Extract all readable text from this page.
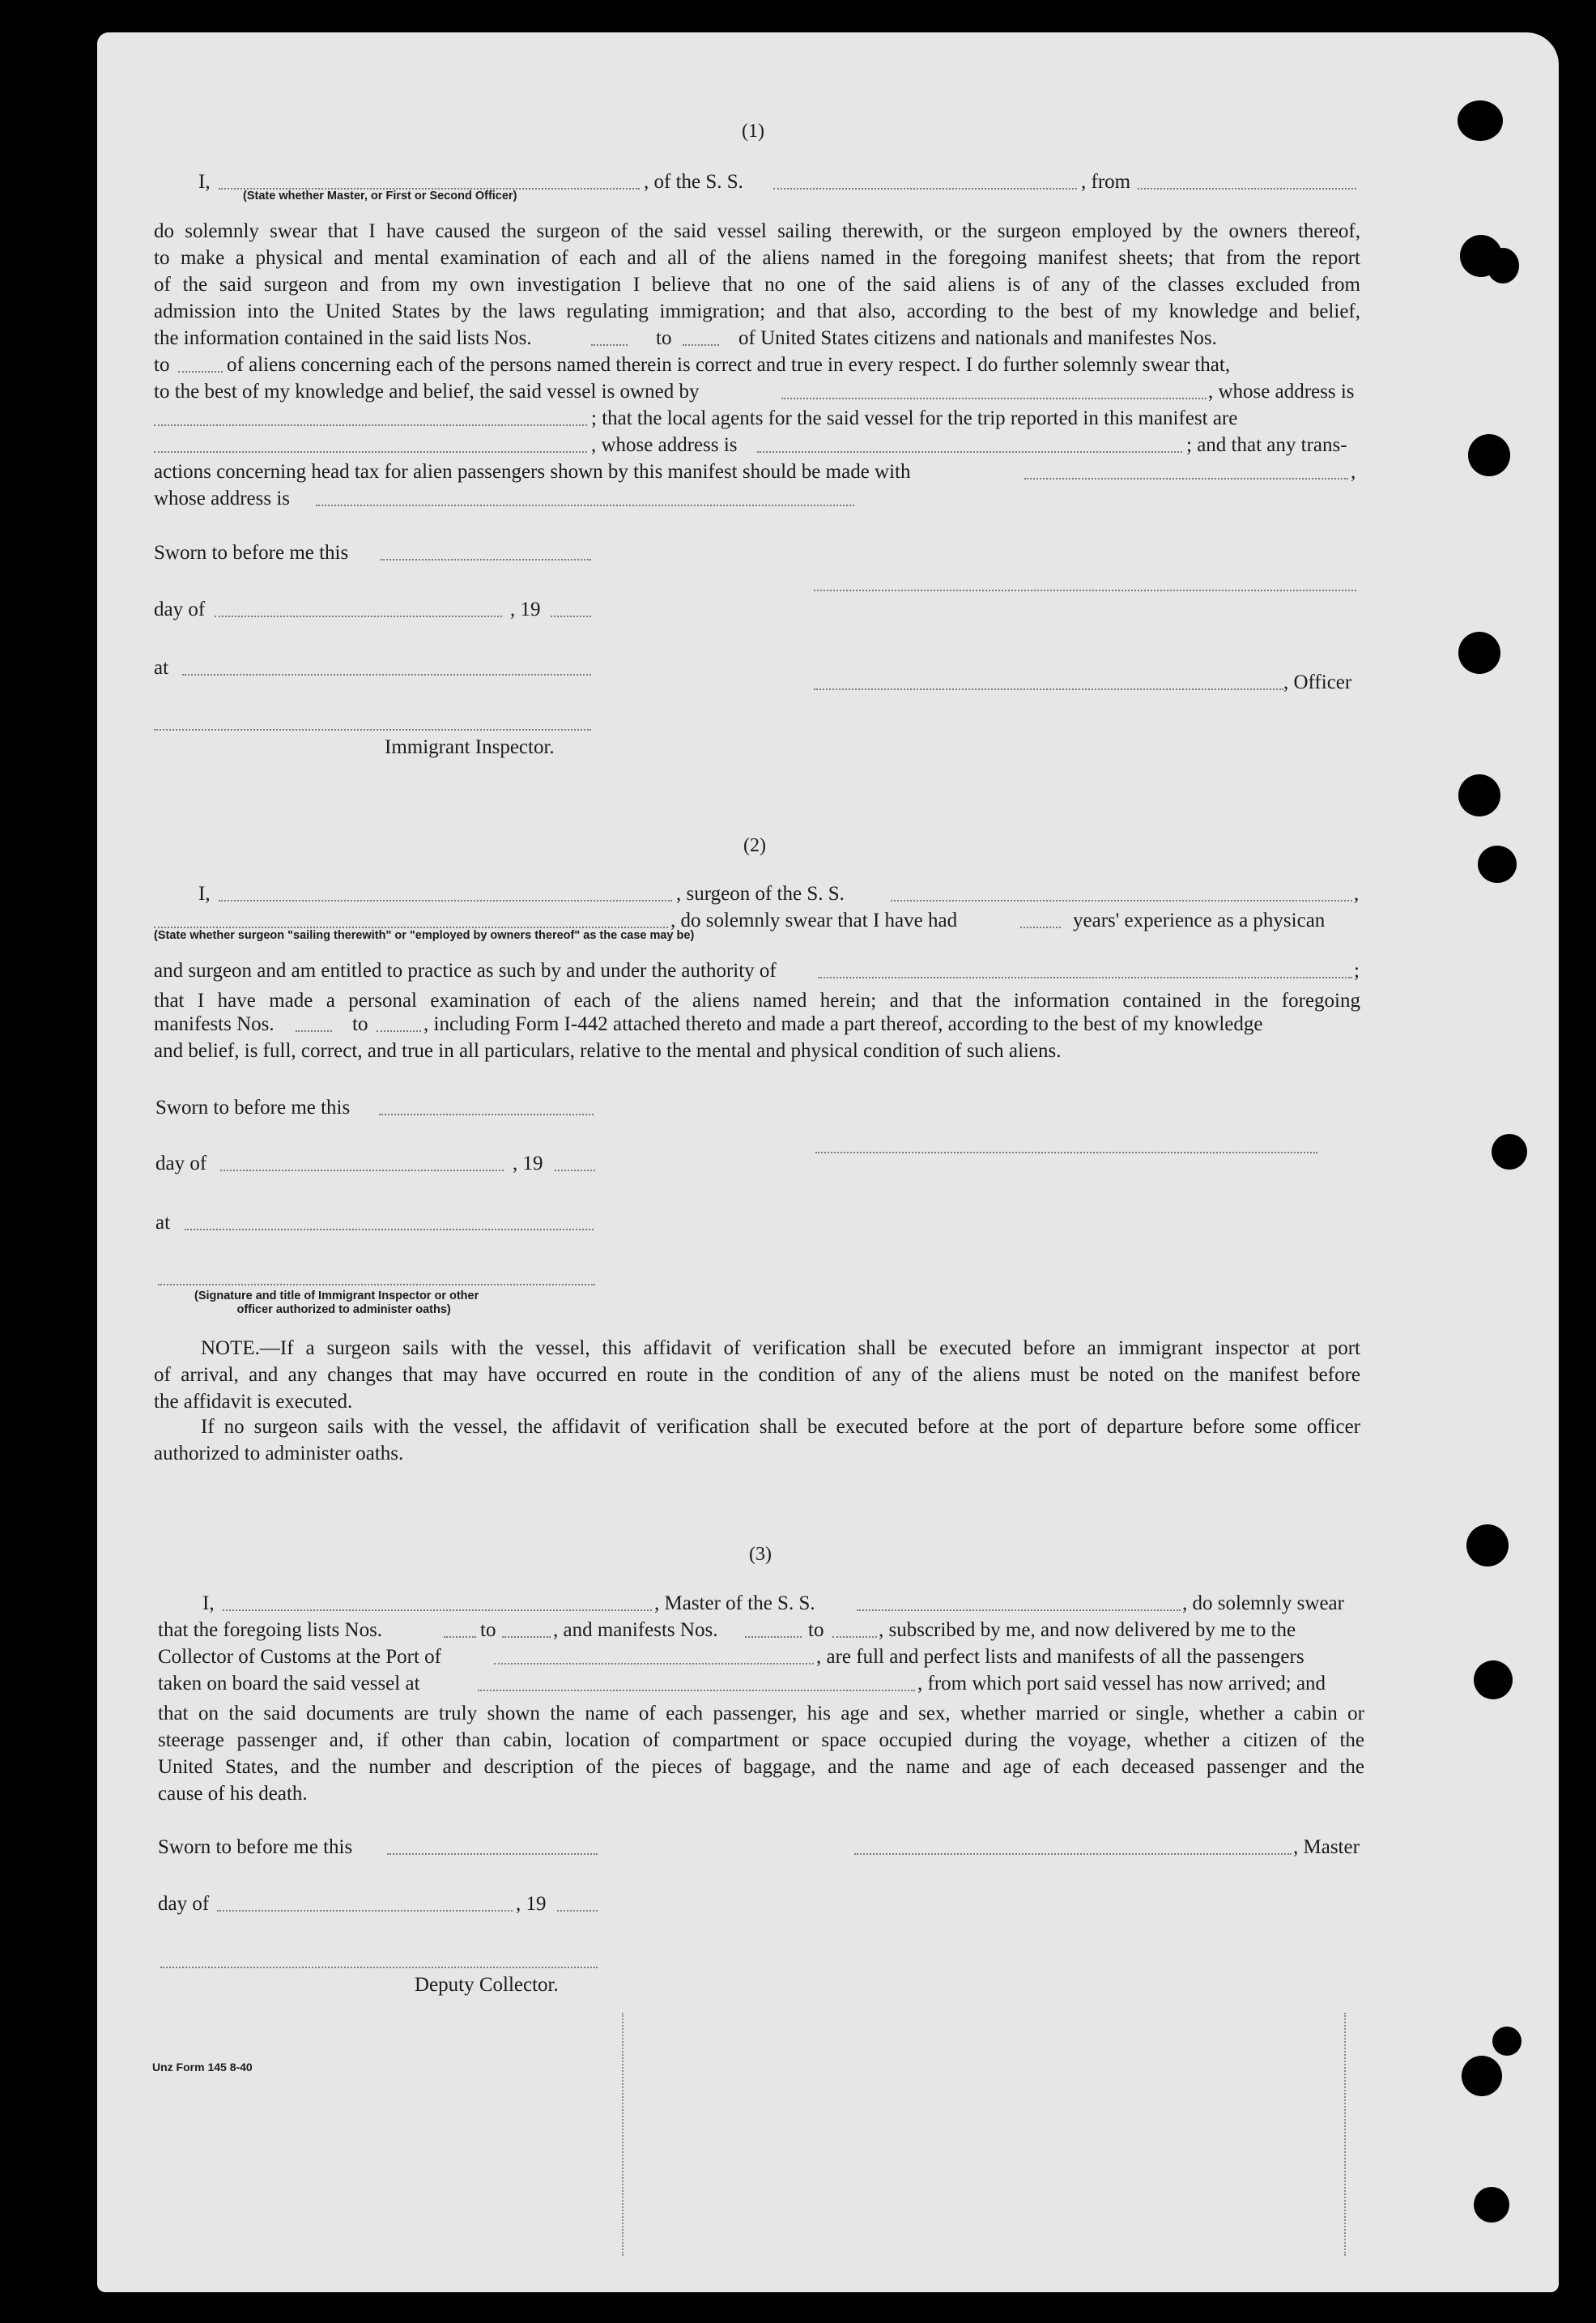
(1)
I,	, of the S. S.	, from
(State whether Master, or First or Second Officer)

do solemnly swear that I have caused the surgeon of the said vessel sailing therewith, or the surgeon employed by the owners thereof,

to make a physical and mental examination of each and all of the aliens named in the foregoing manifest sheets; that from the report

of the said surgeon and from my own investigation I believe that no one of the said aliens is of any of the classes excluded from

admission into the United States by the laws regulating immigration; and that also, according to the best of my knowledge and belief,

the information contained in the said lists Nos.	to	of United States citizens and nationals and manifestes Nos.
to	of aliens concerning each of the persons named therein is correct and true in every respect. I do further solemnly swear that,
to the best of my knowledge and belief, the said vessel is owned by	, whose address is
; that the local agents for the said vessel for the trip reported in this manifest are
, whose address is	; and that any trans-
actions concerning head tax for alien passengers shown by this manifest should be made with	,
whose address is
Sworn to before me this
day of	, 19
at
, Officer
Immigrant Inspector.
(2)
I,	, surgeon of the S. S.	,
, do solemnly swear that I have had	years' experience as a physican
(State whether surgeon "sailing therewith" or "employed by owners thereof" as the case may be)
and surgeon and am entitled to practice as such by and under the authority of	;

that I have made a personal examination of each of the aliens named herein; and that the information contained in the foregoing

manifests Nos.	to	, including Form I-442 attached thereto and made a part thereof, according to the best of my knowledge
and belief, is full, correct, and true in all particulars, relative to the mental and physical condition of such aliens.
Sworn to before me this
day of	, 19
at
(Signature and title of Immigrant Inspector or other
officer authorized to administer oaths)

NOTE.—If a surgeon sails with the vessel, this affidavit of verification shall be executed before an immigrant inspector at port

of arrival, and any changes that may have occurred en route in the condition of any of the aliens must be noted on the manifest before

the affidavit is executed.

If no surgeon sails with the vessel, the affidavit of verification shall be executed before at the port of departure before some officer

authorized to administer oaths.

(3)
I,	, Master of the S. S.	, do solemnly swear
that the foregoing lists Nos.	to	, and manifests Nos.	to	, subscribed by me, and now delivered by me to the
Collector of Customs at the Port of	, are full and perfect lists and manifests of all the passengers
taken on board the said vessel at	, from which port said vessel has now arrived; and

that on the said documents are truly shown the name of each passenger, his age and sex, whether married or single, whether a cabin or

steerage passenger and, if other than cabin, location of compartment or space occupied during the voyage, whether a citizen of the

United States, and the number and description of the pieces of baggage, and the name and age of each deceased passenger and the

cause of his death.

Sworn to before me this	, Master
day of	, 19
Deputy Collector.
Unz Form 145 8-40
